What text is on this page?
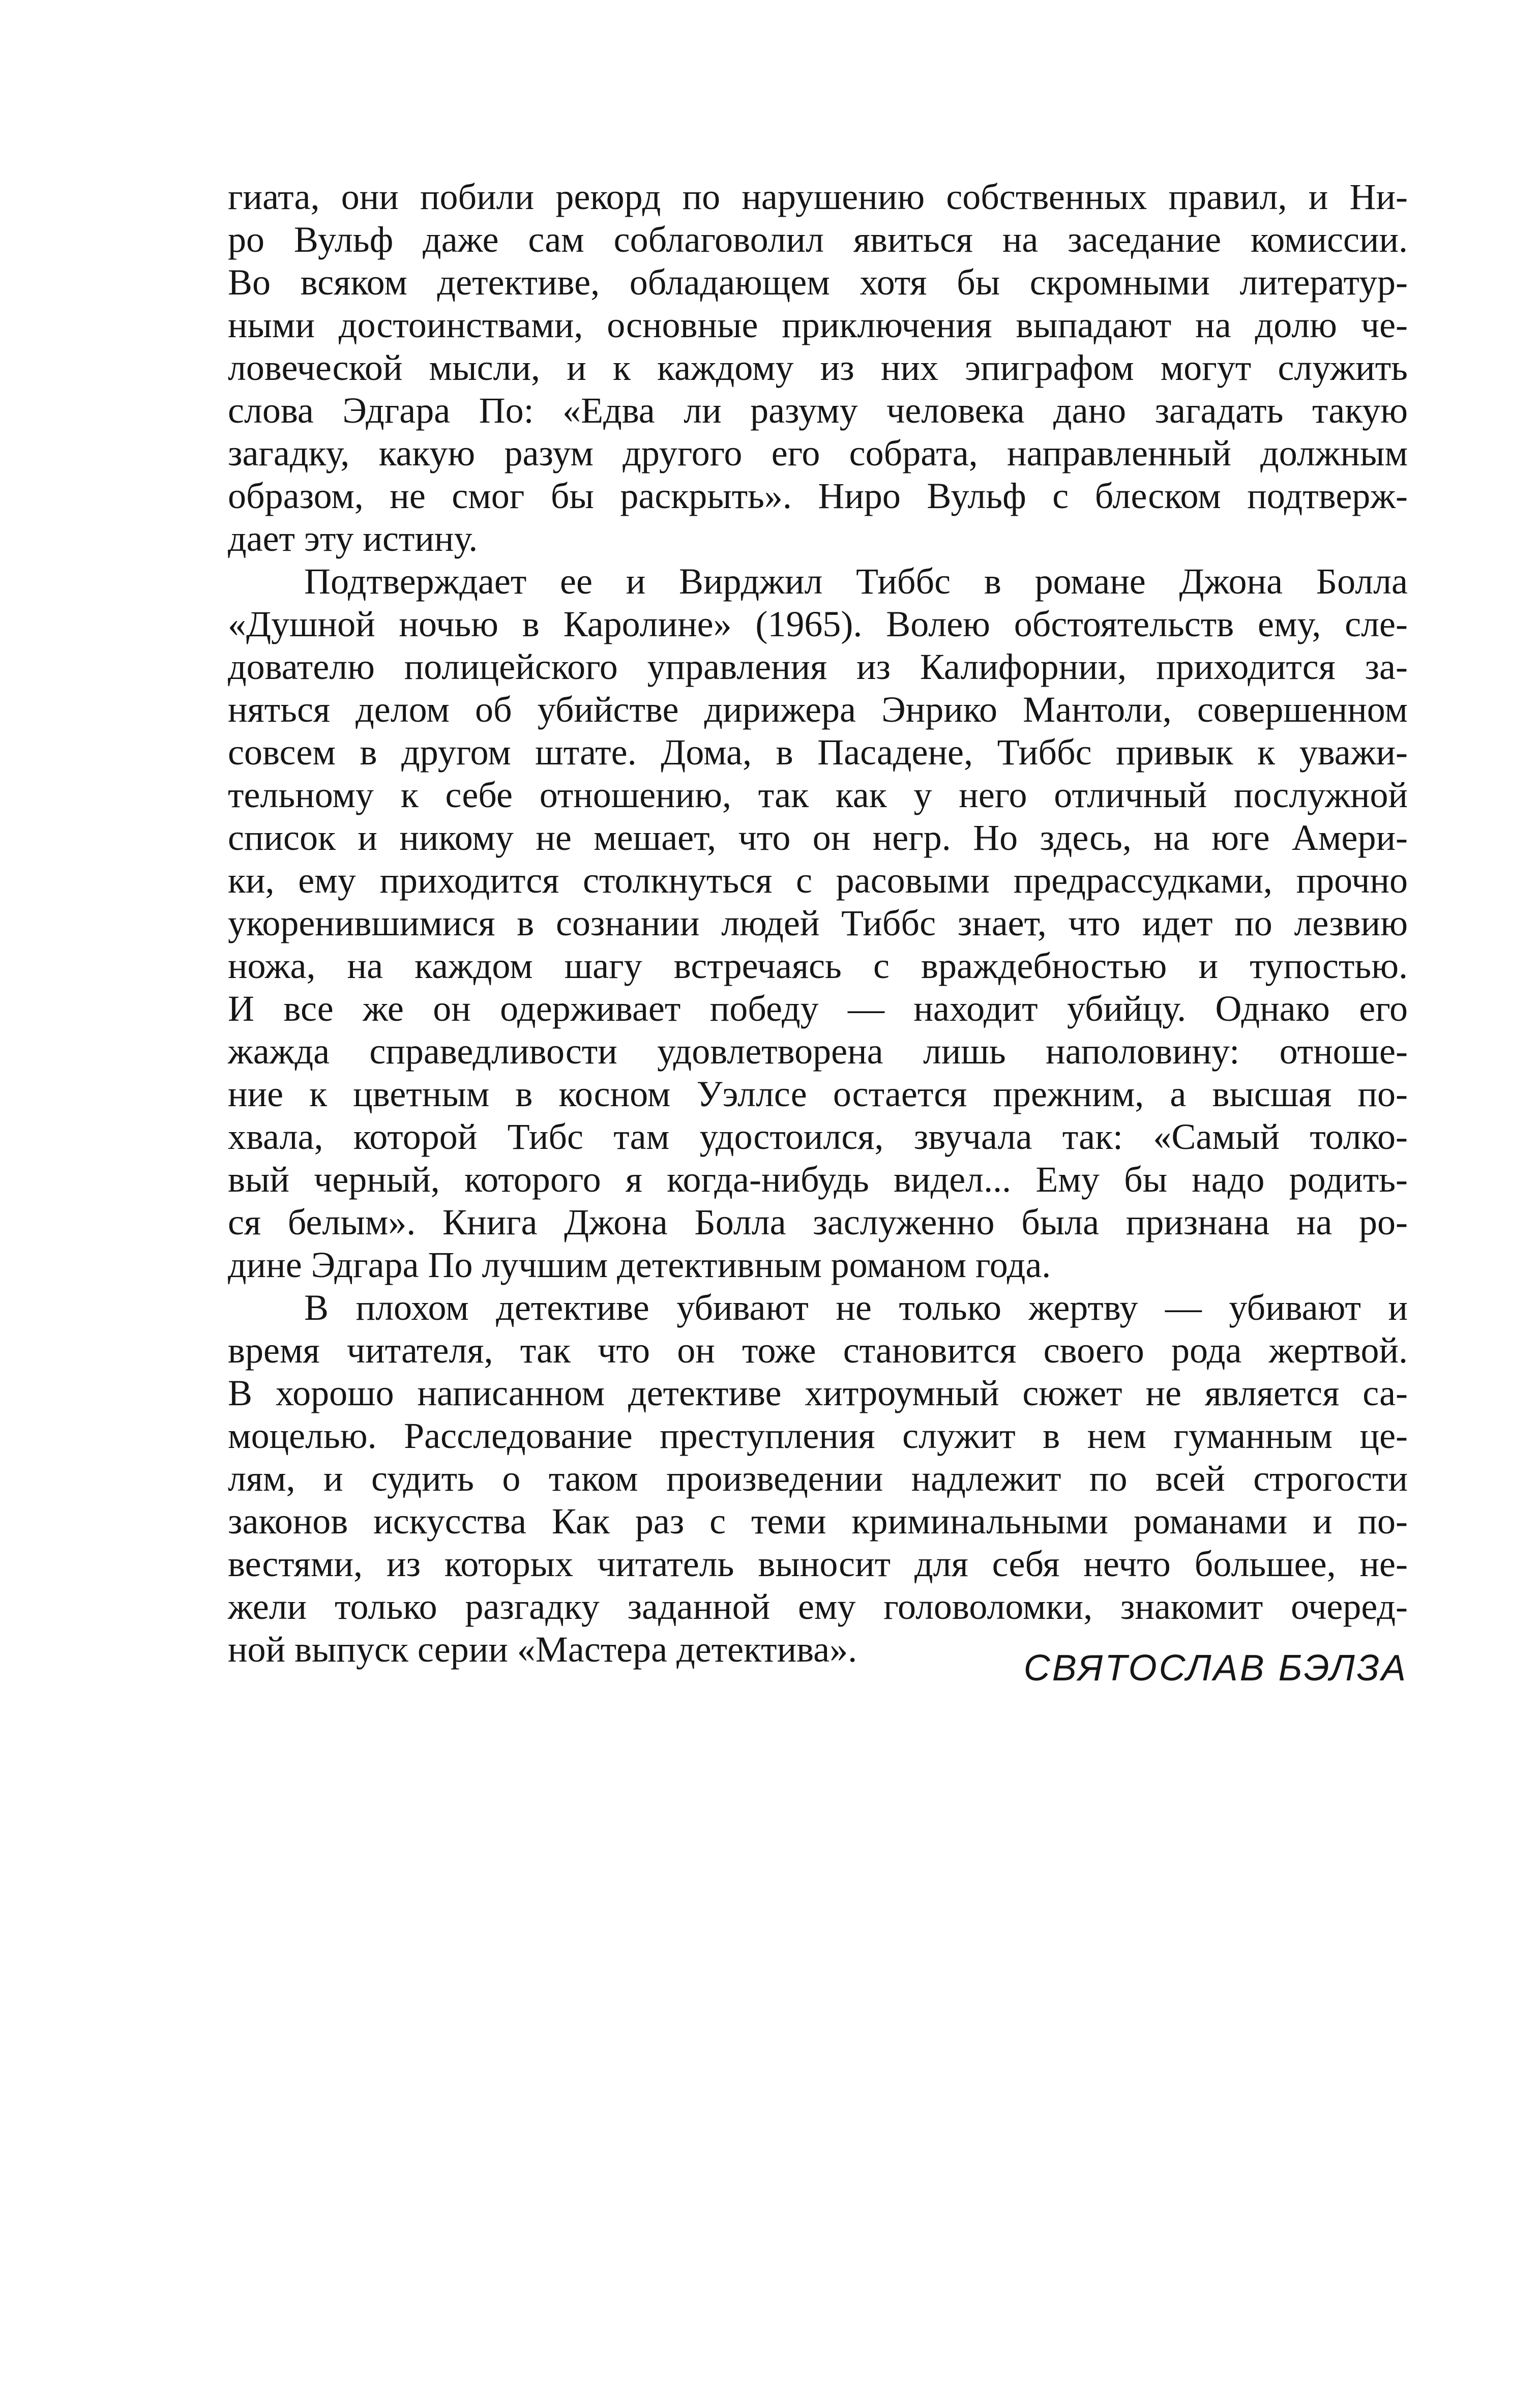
гиата, они побили рекорд по нарушению собственных правил, и Ни-
ро Вульф даже сам соблаговолил явиться на заседание комиссии.
Во всяком детективе, обладающем хотя бы скромными литератур-
ными достоинствами, основные приключения выпадают на долю че-
ловеческой мысли, и к каждому из них эпиграфом могут служить
слова Эдгара По: «Едва ли разуму человека дано загадать такую
загадку, какую разум другого его собрата, направленный должным
образом, не смог бы раскрыть». Ниро Вульф с блеском подтверж-
дает эту истину.
Подтверждает ее и Вирджил Тиббс в романе Джона Болла
«Душной ночью в Каролине» (1965). Волею обстоятельств ему, сле-
дователю полицейского управления из Калифорнии, приходится за-
няться делом об убийстве дирижера Энрико Мантоли, совершенном
совсем в другом штате. Дома, в Пасадене, Тиббс привык к уважи-
тельному к себе отношению, так как у него отличный послужной
список и никому не мешает, что он негр. Но здесь, на юге Амери-
ки, ему приходится столкнуться с расовыми предрассудками, прочно
укоренившимися в сознании людей Тиббс знает, что идет по лезвию
ножа, на каждом шагу встречаясь с враждебностью и тупостью.
И все же он одерживает победу — находит убийцу. Однако его
жажда справедливости удовлетворена лишь наполовину: отноше-
ние к цветным в косном Уэллсе остается прежним, а высшая по-
хвала, которой Тибс там удостоился, звучала так: «Самый толко-
вый черный, которого я когда-нибудь видел... Ему бы надо родить-
ся белым». Книга Джона Болла заслуженно была признана на ро-
дине Эдгара По лучшим детективным романом года.
В плохом детективе убивают не только жертву — убивают и
время читателя, так что он тоже становится своего рода жертвой.
В хорошо написанном детективе хитроумный сюжет не является са-
моцелью. Расследование преступления служит в нем гуманным це-
лям, и судить о таком произведении надлежит по всей строгости
законов искусства Как раз с теми криминальными романами и по-
вестями, из которых читатель выносит для себя нечто большее, не-
жели только разгадку заданной ему головоломки, знакомит очеред-
ной выпуск серии «Мастера детектива».	СВЯТОСЛАВ БЭЛЗА
